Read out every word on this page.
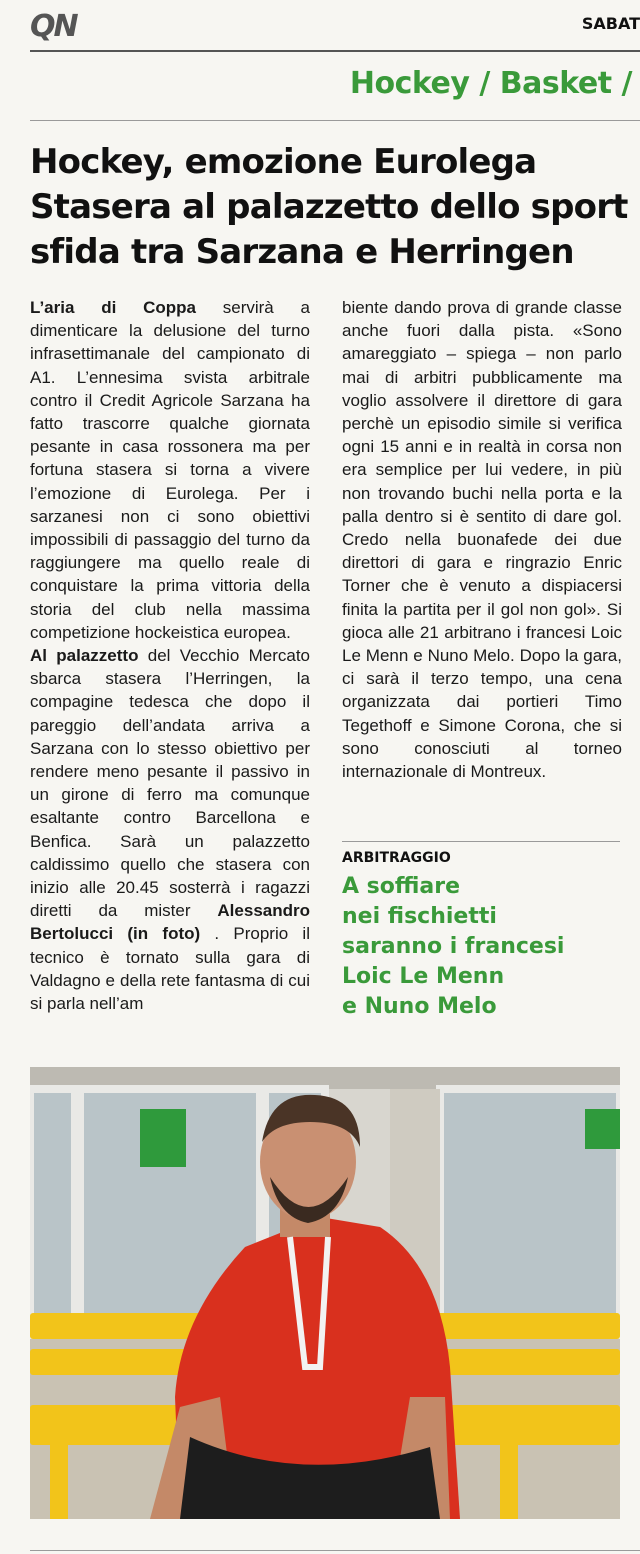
QN	SABAT
Hockey / Basket /
Hockey, emozione Eurolega
Stasera al palazzetto dello sport
sfida tra Sarzana e Herringen

L’aria di Coppa servirà a dimenticare la delusione del turno infrasettimanale del campionato di A1. L’ennesima svista arbitrale contro il Credit Agricole Sarzana ha fatto trascorre qualche giornata pesante in casa rossonera ma per fortuna stasera si torna a vivere l’emozione di Eurolega. Per i sarzanesi non ci sono obiettivi impossibili di passaggio del turno da raggiungere ma quello reale di conquistare la prima vittoria della storia del club nella massima competizione hockeistica europea.

Al palazzetto del Vecchio Mercato sbarca stasera l’Herringen, la compagine tedesca che dopo il pareggio dell’andata arriva a Sarzana con lo stesso obiettivo per rendere meno pesante il passivo in un girone di ferro ma comunque esaltante contro Barcellona e Benfica. Sarà un palazzetto caldissimo quello che stasera con inizio alle 20.45 sosterrà i ragazzi diretti da mister Alessandro Bertolucci (in foto) . Proprio il tecnico è tornato sulla gara di Valdagno e della rete fantasma di cui si parla nell’am

biente dando prova di grande classe anche fuori dalla pista. «Sono amareggiato – spiega – non parlo mai di arbitri pubblicamente ma voglio assolvere il direttore di gara perchè un episodio simile si verifica ogni 15 anni e in realtà in corsa non era semplice per lui vedere, in più non trovando buchi nella porta e la palla dentro si è sentito di dare gol. Credo nella buonafede dei due direttori di gara e ringrazio Enric Torner che è venuto a dispiacersi finita la partita per il gol non gol». Si gioca alle 21 arbitrano i francesi Loic Le Menn e Nuno Melo. Dopo la gara, ci sarà il terzo tempo, una cena organizzata dai portieri Timo Tegethoff e Simone Corona, che si sono conosciuti al torneo internazionale di Montreux.

ARBITRAGGIO

A soffiare
nei fischietti
saranno i francesi
Loic Le Menn
e Nuno Melo
